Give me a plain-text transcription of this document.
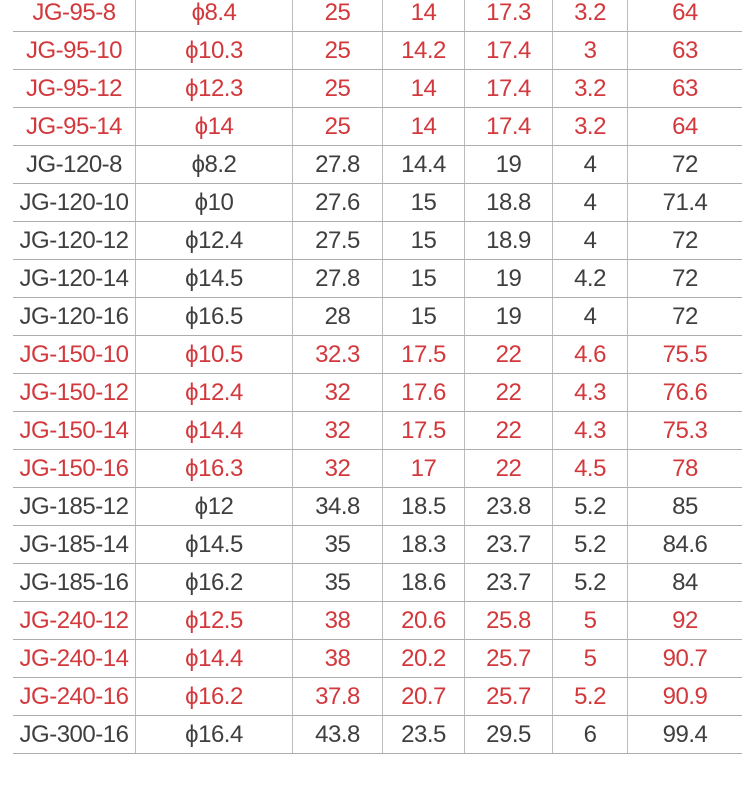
JG-95-8	ϕ8.4	25	14	17.3	3.2	64
JG-95-10	ϕ10.3	25	14.2	17.4	3	63
JG-95-12	ϕ12.3	25	14	17.4	3.2	63
JG-95-14	ϕ14	25	14	17.4	3.2	64
JG-120-8	ϕ8.2	27.8	14.4	19	4	72
JG-120-10	ϕ10	27.6	15	18.8	4	71.4
JG-120-12	ϕ12.4	27.5	15	18.9	4	72
JG-120-14	ϕ14.5	27.8	15	19	4.2	72
JG-120-16	ϕ16.5	28	15	19	4	72
JG-150-10	ϕ10.5	32.3	17.5	22	4.6	75.5
JG-150-12	ϕ12.4	32	17.6	22	4.3	76.6
JG-150-14	ϕ14.4	32	17.5	22	4.3	75.3
JG-150-16	ϕ16.3	32	17	22	4.5	78
JG-185-12	ϕ12	34.8	18.5	23.8	5.2	85
JG-185-14	ϕ14.5	35	18.3	23.7	5.2	84.6
JG-185-16	ϕ16.2	35	18.6	23.7	5.2	84
JG-240-12	ϕ12.5	38	20.6	25.8	5	92
JG-240-14	ϕ14.4	38	20.2	25.7	5	90.7
JG-240-16	ϕ16.2	37.8	20.7	25.7	5.2	90.9
JG-300-16	ϕ16.4	43.8	23.5	29.5	6	99.4
